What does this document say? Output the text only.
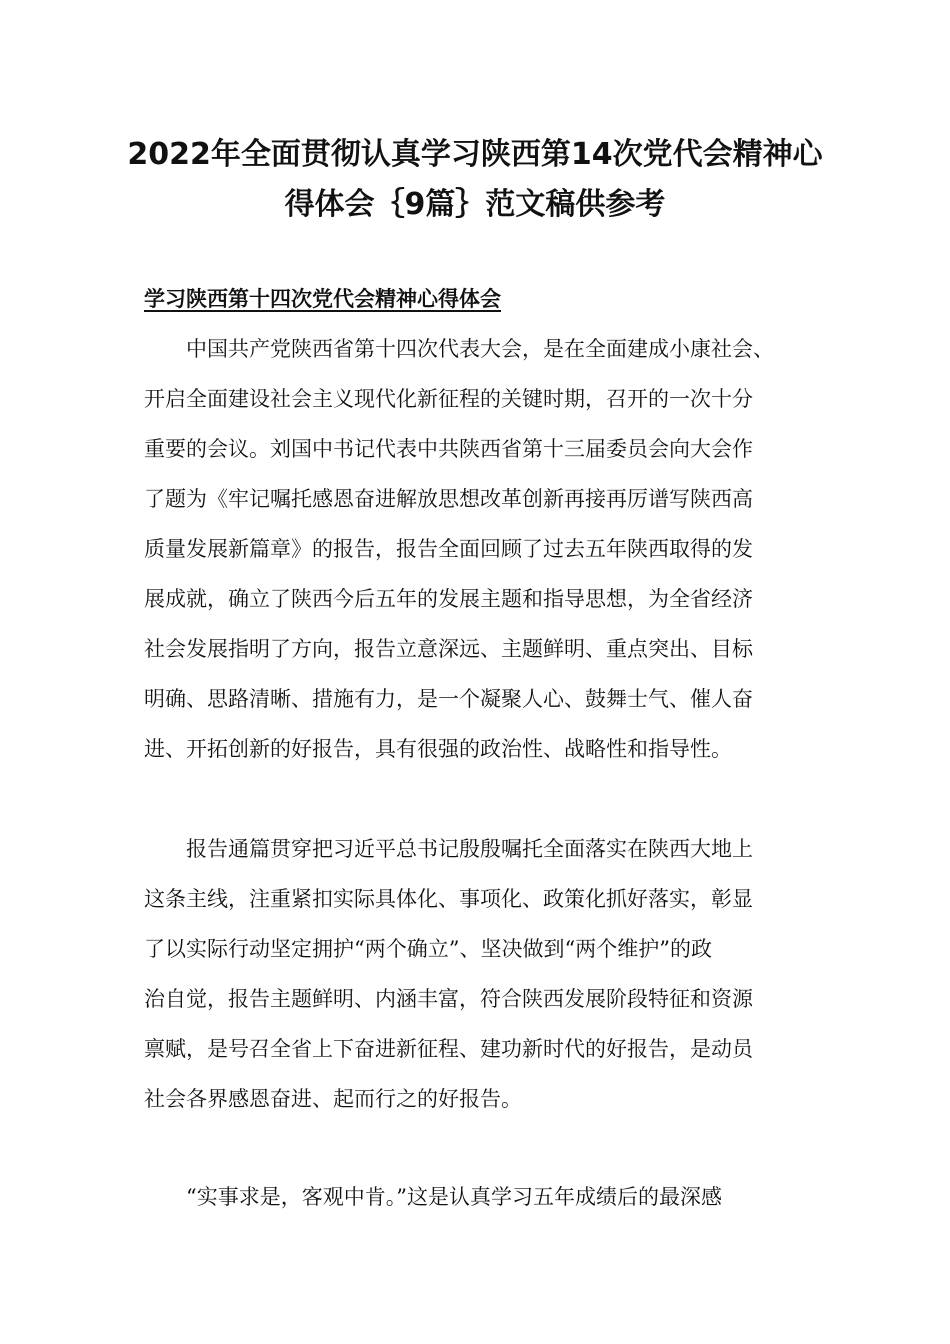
2022年全面贯彻认真学习陕西第14次党代会精神心
得体会｛9篇｝范文稿供参考
学习陕西第十四次党代会精神心得体会
中国共产党陕西省第十四次代表大会，是在全面建成小康社会、
开启全面建设社会主义现代化新征程的关键时期，召开的一次十分
重要的会议。刘国中书记代表中共陕西省第十三届委员会向大会作
了题为《牢记嘱托感恩奋进解放思想改革创新再接再厉谱写陕西高
质量发展新篇章》的报告，报告全面回顾了过去五年陕西取得的发
展成就，确立了陕西今后五年的发展主题和指导思想，为全省经济
社会发展指明了方向，报告立意深远、主题鲜明、重点突出、目标
明确、思路清晰、措施有力，是一个凝聚人心、鼓舞士气、催人奋
进、开拓创新的好报告，具有很强的政治性、战略性和指导性。
报告通篇贯穿把习近平总书记殷殷嘱托全面落实在陕西大地上
这条主线，注重紧扣实际具体化、事项化、政策化抓好落实，彰显
了以实际行动坚定拥护“两个确立”、坚决做到“两个维护”的政
治自觉，报告主题鲜明、内涵丰富，符合陕西发展阶段特征和资源
禀赋，是号召全省上下奋进新征程、建功新时代的好报告，是动员
社会各界感恩奋进、起而行之的好报告。
“实事求是，客观中肯。”这是认真学习五年成绩后的最深感
